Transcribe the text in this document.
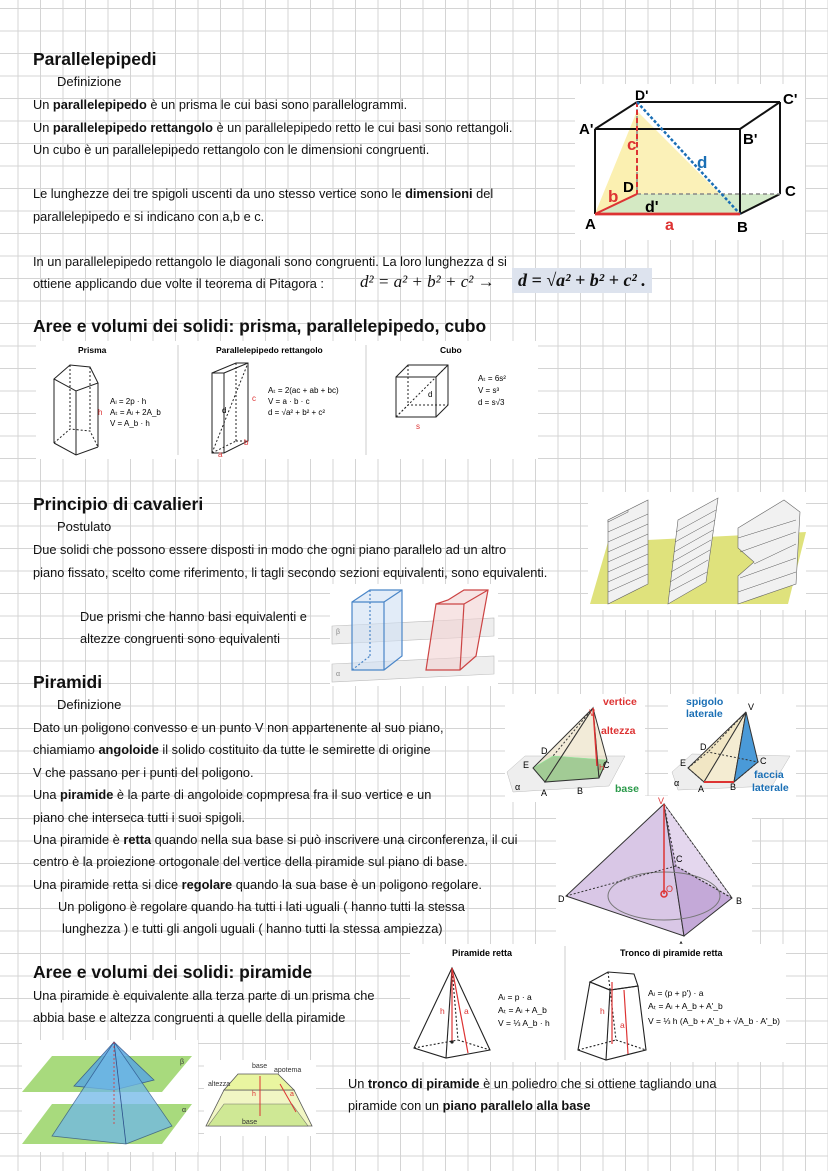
Parallelepipedi
Definizione
Un parallelepipedo è un prisma le cui basi sono parallelogrammi.
Un parallelepipedo rettangolo è un parallelepipedo retto le cui basi sono rettangoli.
Un cubo è un parallelepipedo rettangolo con le dimensioni congruenti.
Le lunghezze dei tre spigoli uscenti da uno stesso vertice sono le dimensioni del
parallelepipedo e si indicano con a,b e c.
In un parallelepipedo rettangolo le diagonali sono congruenti. La loro lunghezza d si
ottiene applicando due volte il teorema di Pitagora : d² = a² + b² + c² →	d = √a² + b² + c² .
D'	C'
A'
B'
D	C
A	B
c
d
b
d'
a
Aree e volumi dei solidi: prisma, parallelepipedo, cubo
Prisma	Parallelepipedo rettangolo	Cubo
h
Aₗ = 2p · h
Aₜ = Aₗ + 2A_b
V = A_b · h
c
d
b
a
Aₜ = 2(ac + ab + bc)
V = a · b · c
d = √a² + b² + c²
d
s
Aₜ = 6s²
V = s³
d = s√3
Principio di cavalieri
Postulato
Due solidi che possono essere disposti in modo che ogni piano parallelo ad un altro
piano fissato, scelto come riferimento, li tagli secondo sezioni equivalenti, sono equivalenti.
Due prismi che hanno basi equivalenti e
altezze congruenti sono equivalenti	β
α
Piramidi
Definizione
Dato un poligono convesso e un punto V non appartenente al suo piano,
chiamiamo angoloide il solido costituito da tutte le semirette di origine
V che passano per i punti del poligono.
Una piramide è la parte di angoloide copmpresa fra il suo vertice e un
piano che interseca tutti i suoi spigoli.
Una piramide è retta quando nella sua base si può inscrivere una circonferenza, il cui
centro è la proiezione ortogonale del vertice della piramide sul piano di base.
Una piramide retta si dice regolare quando la sua base è un poligono regolare.
Un poligono è regolare quando ha tutti i lati uguali ( hanno tutti la stessa
lunghezza ) e tutti gli angoli uguali ( hanno tutti la stessa ampiezza)
vertice
V
altezza
H
base
D
E	C
A	B
α
spigolo
laterale
V
D
E	C
A	B
α
faccia
laterale
V
C
D	B
O
Aree e volumi dei solidi: piramide
Una piramide è equivalente alla terza parte di un prisma che
abbia base e altezza congruenti a quelle della piramide
Piramide retta	Tronco di piramide retta
h a
Aₗ = p · a
Aₜ = Aₗ + A_b
V = ⅓ A_b · h
h
a
Aₗ = (p + p') · a
Aₜ = Aₗ + A_b + A'_b
V = ⅓ h (A_b + A'_b + √A_b · A'_b)
β
α
base
apotema
altezza
base
h	a
Un tronco di piramide è un poliedro che si ottiene tagliando una
piramide con un piano parallelo alla base
